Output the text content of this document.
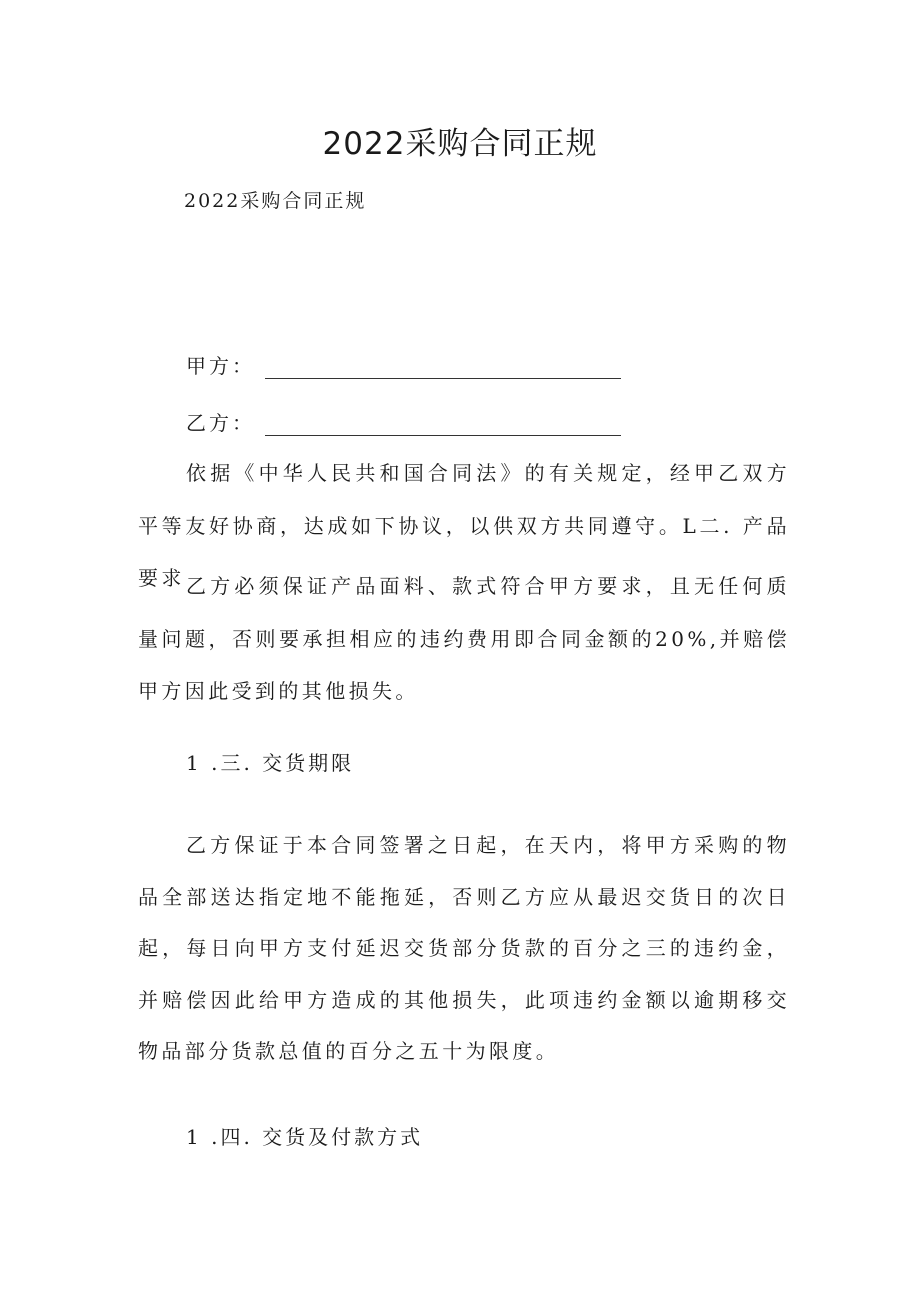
2022采购合同正规
2022采购合同正规
甲方：
乙方：
依据《中华人民共和国合同法》的有关规定，经甲乙双方平等友好协商，达成如下协议，以供双方共同遵守。L二. 产品要求 乙方必须保证产品面料、款式符合甲方要求，且无任何质量问题，否则要承担相应的违约费用即合同金额的20%,并赔偿甲方因此受到的其他损失。
1 .三. 交货期限
乙方保证于本合同签署之日起，在天内，将甲方采购的物品全部送达指定地不能拖延，否则乙方应从最迟交货日的次日起，每日向甲方支付延迟交货部分货款的百分之三的违约金，并赔偿因此给甲方造成的其他损失，此项违约金额以逾期移交物品部分货款总值的百分之五十为限度。
1 .四. 交货及付款方式
